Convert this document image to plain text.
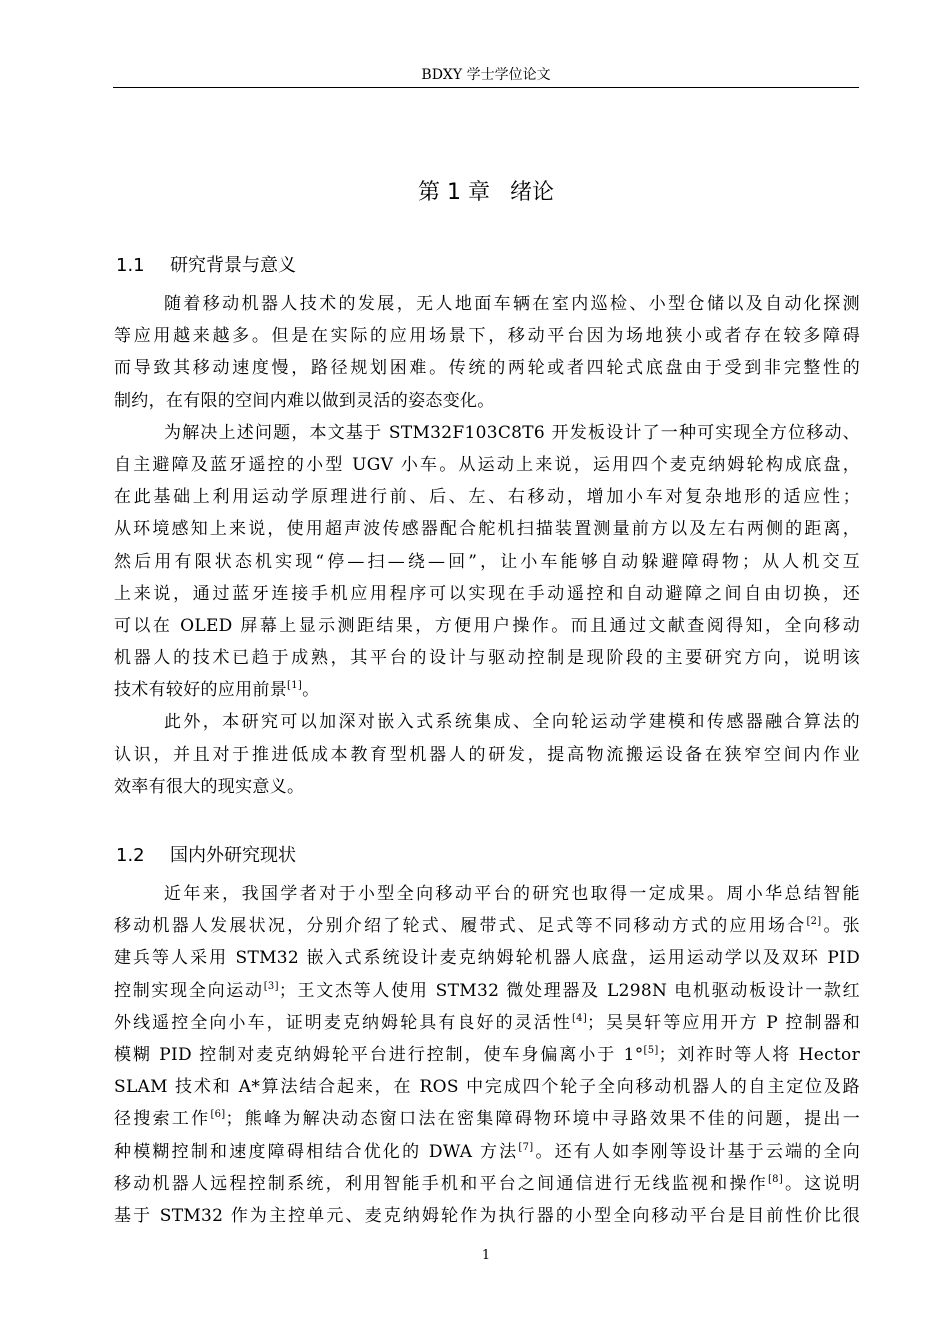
BDXY 学士学位论文
第 1 章 绪论
1.1 研究背景与意义
随着移动机器人技术的发展，无人地面车辆在室内巡检、小型仓储以及自动化探测
等应用越来越多。但是在实际的应用场景下，移动平台因为场地狭小或者存在较多障碍
而导致其移动速度慢，路径规划困难。传统的两轮或者四轮式底盘由于受到非完整性的
制约，在有限的空间内难以做到灵活的姿态变化。
为解决上述问题，本文基于 STM32F103C8T6 开发板设计了一种可实现全方位移动、
自主避障及蓝牙遥控的小型 UGV 小车。从运动上来说，运用四个麦克纳姆轮构成底盘，
在此基础上利用运动学原理进行前、后、左、右移动，增加小车对复杂地形的适应性；
从环境感知上来说，使用超声波传感器配合舵机扫描装置测量前方以及左右两侧的距离，
然后用有限状态机实现“停—扫—绕—回”，让小车能够自动躲避障碍物；从人机交互
上来说，通过蓝牙连接手机应用程序可以实现在手动遥控和自动避障之间自由切换，还
可以在 OLED 屏幕上显示测距结果，方便用户操作。而且通过文献查阅得知，全向移动
机器人的技术已趋于成熟，其平台的设计与驱动控制是现阶段的主要研究方向，说明该
技术有较好的应用前景[1]。
此外，本研究可以加深对嵌入式系统集成、全向轮运动学建模和传感器融合算法的
认识，并且对于推进低成本教育型机器人的研发，提高物流搬运设备在狭窄空间内作业
效率有很大的现实意义。
1.2 国内外研究现状
近年来，我国学者对于小型全向移动平台的研究也取得一定成果。周小华总结智能
移动机器人发展状况，分别介绍了轮式、履带式、足式等不同移动方式的应用场合[2]。张
建兵等人采用 STM32 嵌入式系统设计麦克纳姆轮机器人底盘，运用运动学以及双环 PID
控制实现全向运动[3]；王文杰等人使用 STM32 微处理器及 L298N 电机驱动板设计一款红
外线遥控全向小车，证明麦克纳姆轮具有良好的灵活性[4]；吴昊轩等应用开方 P 控制器和
模糊 PID 控制对麦克纳姆轮平台进行控制，使车身偏离小于 1°[5]；刘祚时等人将 Hector
SLAM 技术和 A*算法结合起来，在 ROS 中完成四个轮子全向移动机器人的自主定位及路
径搜索工作[6]；熊峰为解决动态窗口法在密集障碍物环境中寻路效果不佳的问题，提出一
种模糊控制和速度障碍相结合优化的 DWA 方法[7]。还有人如李刚等设计基于云端的全向
移动机器人远程控制系统，利用智能手机和平台之间通信进行无线监视和操作[8]。这说明
基于 STM32 作为主控单元、麦克纳姆轮作为执行器的小型全向移动平台是目前性价比很
1
